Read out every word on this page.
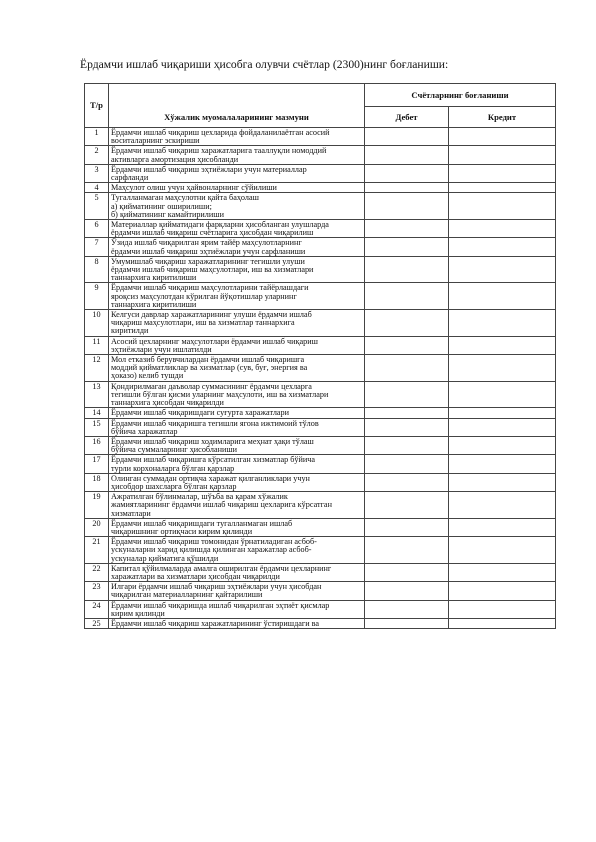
Ёрдамчи ишлаб чиқариши ҳисобга олувчи счётлар (2300)нинг боғланиши:
Т/р	Хўжалик муомалаларининг мазмуни	Счётларнинг боғланиши	
		Дебет	Кредит
1	Ёрдамчи ишлаб чиқариш цехларида фойдаланилаётган асосий
воситаларнинг эскириши		

2	Ёрдамчи ишлаб чиқариш харажатларига тааллуқли номоддий
активларга амортизация ҳисобланди		

3	Ёрдамчи ишлаб чиқариш эҳтиёжлари учун материаллар
сарфланди		

4	Маҳсулот олиш учун ҳайвонларнинг сўйилиши		

5	Тугалланмаган маҳсулотни қайта баҳолаш
а) қийматининг оширилиши;
б) қийматининг камайтирилиши		

6	Материаллар қийматидаги фарқларни ҳисобланган улушларда
ёрдамчи ишлаб чиқариш счётларига ҳисобдан чиқарилиш		

7	Ўзида ишлаб чиқарилган ярим тайёр маҳсулотларнинг
ёрдамчи ишлаб чиқариш эҳтиёжлари учун сарфланиши		

8	Умумишлаб чиқариш харажатларининг тегишли улуши
ёрдамчи ишлаб чиқариш маҳсулотлари, иш ва хизматлари
таннархига киритилиши		

9	Ёрдамчи ишлаб чиқариш маҳсулотларини тайёрлашдаги
яроқсиз маҳсулотдан кўрилган йўқотишлар уларнинг
таннархига киритилиши		

10	Келгуси даврлар харажатларининг улуши ёрдамчи ишлаб
чиқариш маҳсулотлари, иш ва хизматлар таннархига
киритилди		

11	Асосий цехларнинг маҳсулотлари ёрдамчи ишлаб чиқариш
эҳтиёжлари учун ишлатилди		

12	Мол етказиб берувчилардан ёрдамчи ишлаб чиқаришга
моддий қийматликлар ва хизматлар (сув, буғ, энергия ва
ҳоказо) келиб тушди		

13	Қондирилмаган даъволар суммасининг ёрдамчи цехларга
тегишли бўлган қисми уларнинг маҳсулоти, иш ва хизматлари
таннархига ҳисобдан чиқарилди		

14	Ёрдамчи ишлаб чиқаришдаги суғурта харажатлари		

15	Ёрдамчи ишлаб чиқаришга тегишли ягона ижтимоий тўлов
бўйича харажатлар		

16	Ёрдамчи ишлаб чиқариш ходимларига меҳнат ҳақи тўлаш
бўйича суммаларнинг ҳисобланиши		

17	Ёрдамчи ишлаб чиқаришга кўрсатилган хизматлар бўйича
турли корхоналарга бўлган қарзлар		

18	Олинган суммадан ортиқча харажат қилганликлари учун
ҳисобдор шахсларга бўлган қарзлар		

19	Ажратилган бўлинмалар, шўъба ва қарам хўжалик
жамиятларининг ёрдамчи ишлаб чиқариш цехларига кўрсатган
хизматлари		

20	Ёрдамчи ишлаб чиқаришдаги тугалланмаган ишлаб
чиқаришнинг ортиқчаси кирим қилинди		

21	Ёрдамчи ишлаб чиқариш томонидан ўрнатиладиган асбоб-
ускуналарни харид қилишда қилинган харажатлар асбоб-
ускуналар қийматига қўшилди		

22	Капитал қўйилмаларда амалга оширилган ёрдамчи цехларнинг
харажатлари ва хизматлари ҳисобдан чиқарилди		

23	Илгари ёрдамчи ишлаб чиқариш эҳтиёжлари учун ҳисобдан
чиқарилган материалларнинг қайтарилиши		

24	Ёрдамчи ишлаб чиқаришда ишлаб чиқарилган эҳтиёт қисмлар
кирим қилинди		

25	Ёрдамчи ишлаб чиқариш харажатларининг ўстиришдаги ва		
